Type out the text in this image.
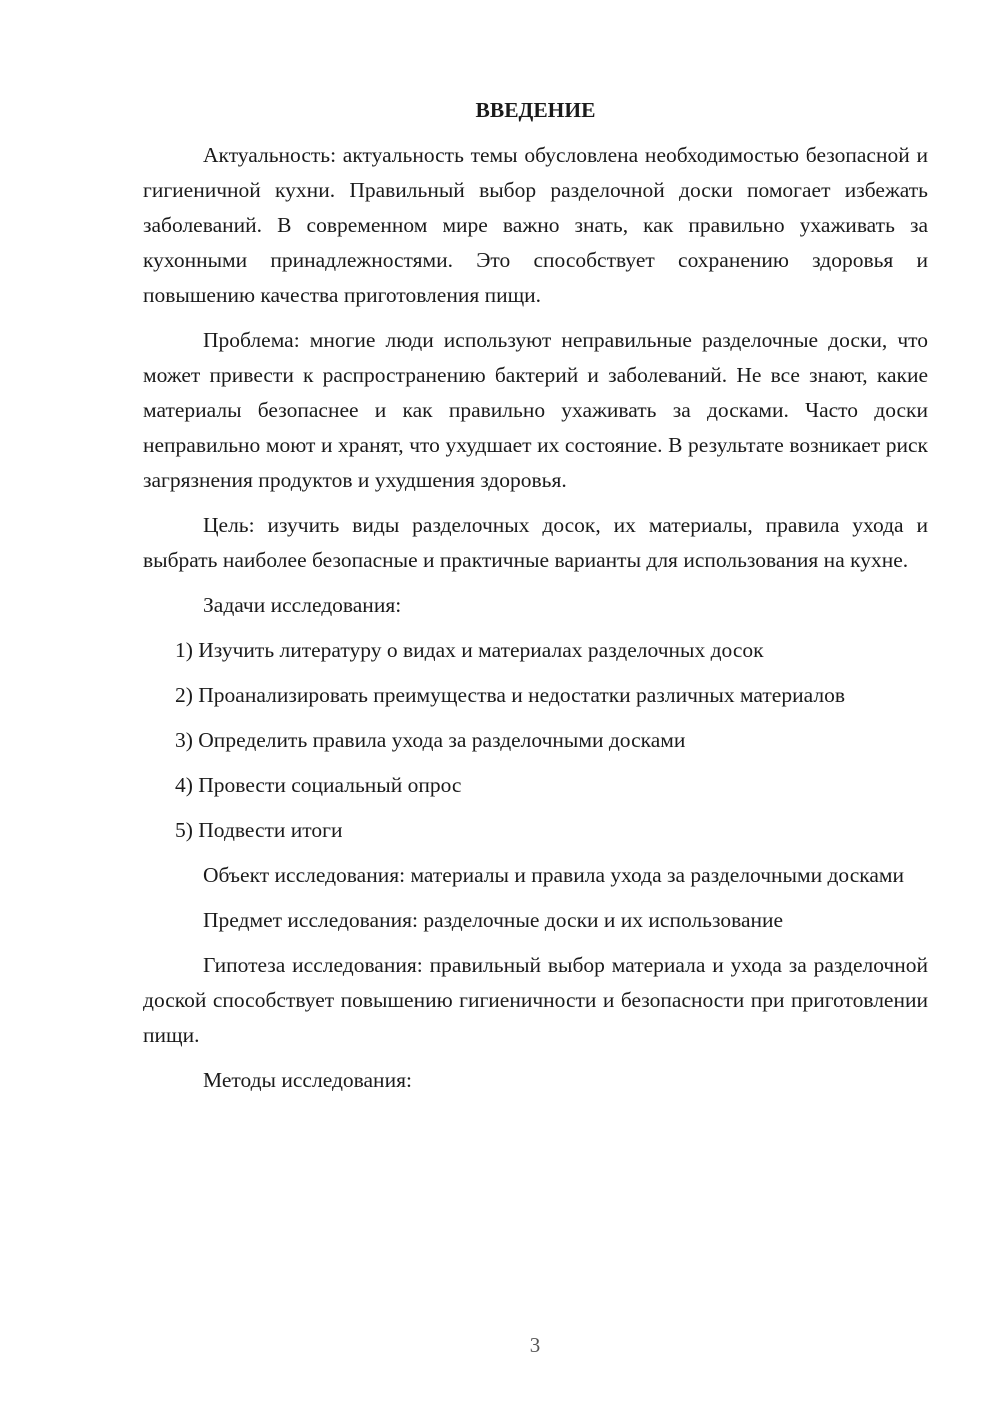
ВВЕДЕНИЕ

Актуальность: актуальность темы обусловлена необходимостью безопасной и гигиеничной кухни. Правильный выбор разделочной доски помогает избежать заболеваний. В современном мире важно знать, как правильно ухаживать за кухонными принадлежностями. Это способствует сохранению здоровья и повышению качества приготовления пищи.

Проблема: многие люди используют неправильные разделочные доски, что может привести к распространению бактерий и заболеваний. Не все знают, какие материалы безопаснее и как правильно ухаживать за досками. Часто доски неправильно моют и хранят, что ухудшает их состояние. В результате возникает риск загрязнения продуктов и ухудшения здоровья.

Цель: изучить виды разделочных досок, их материалы, правила ухода и выбрать наиболее безопасные и практичные варианты для использования на кухне.

Задачи исследования:

1) Изучить литературу о видах и материалах разделочных досок

2) Проанализировать преимущества и недостатки различных материалов

3) Определить правила ухода за разделочными досками

4) Провести социальный опрос

5) Подвести итоги

Объект исследования: материалы и правила ухода за разделочными досками

Предмет исследования: разделочные доски и их использование

Гипотеза исследования: правильный выбор материала и ухода за разделочной доской способствует повышению гигиеничности и безопасности при приготовлении пищи.

Методы исследования:

3
